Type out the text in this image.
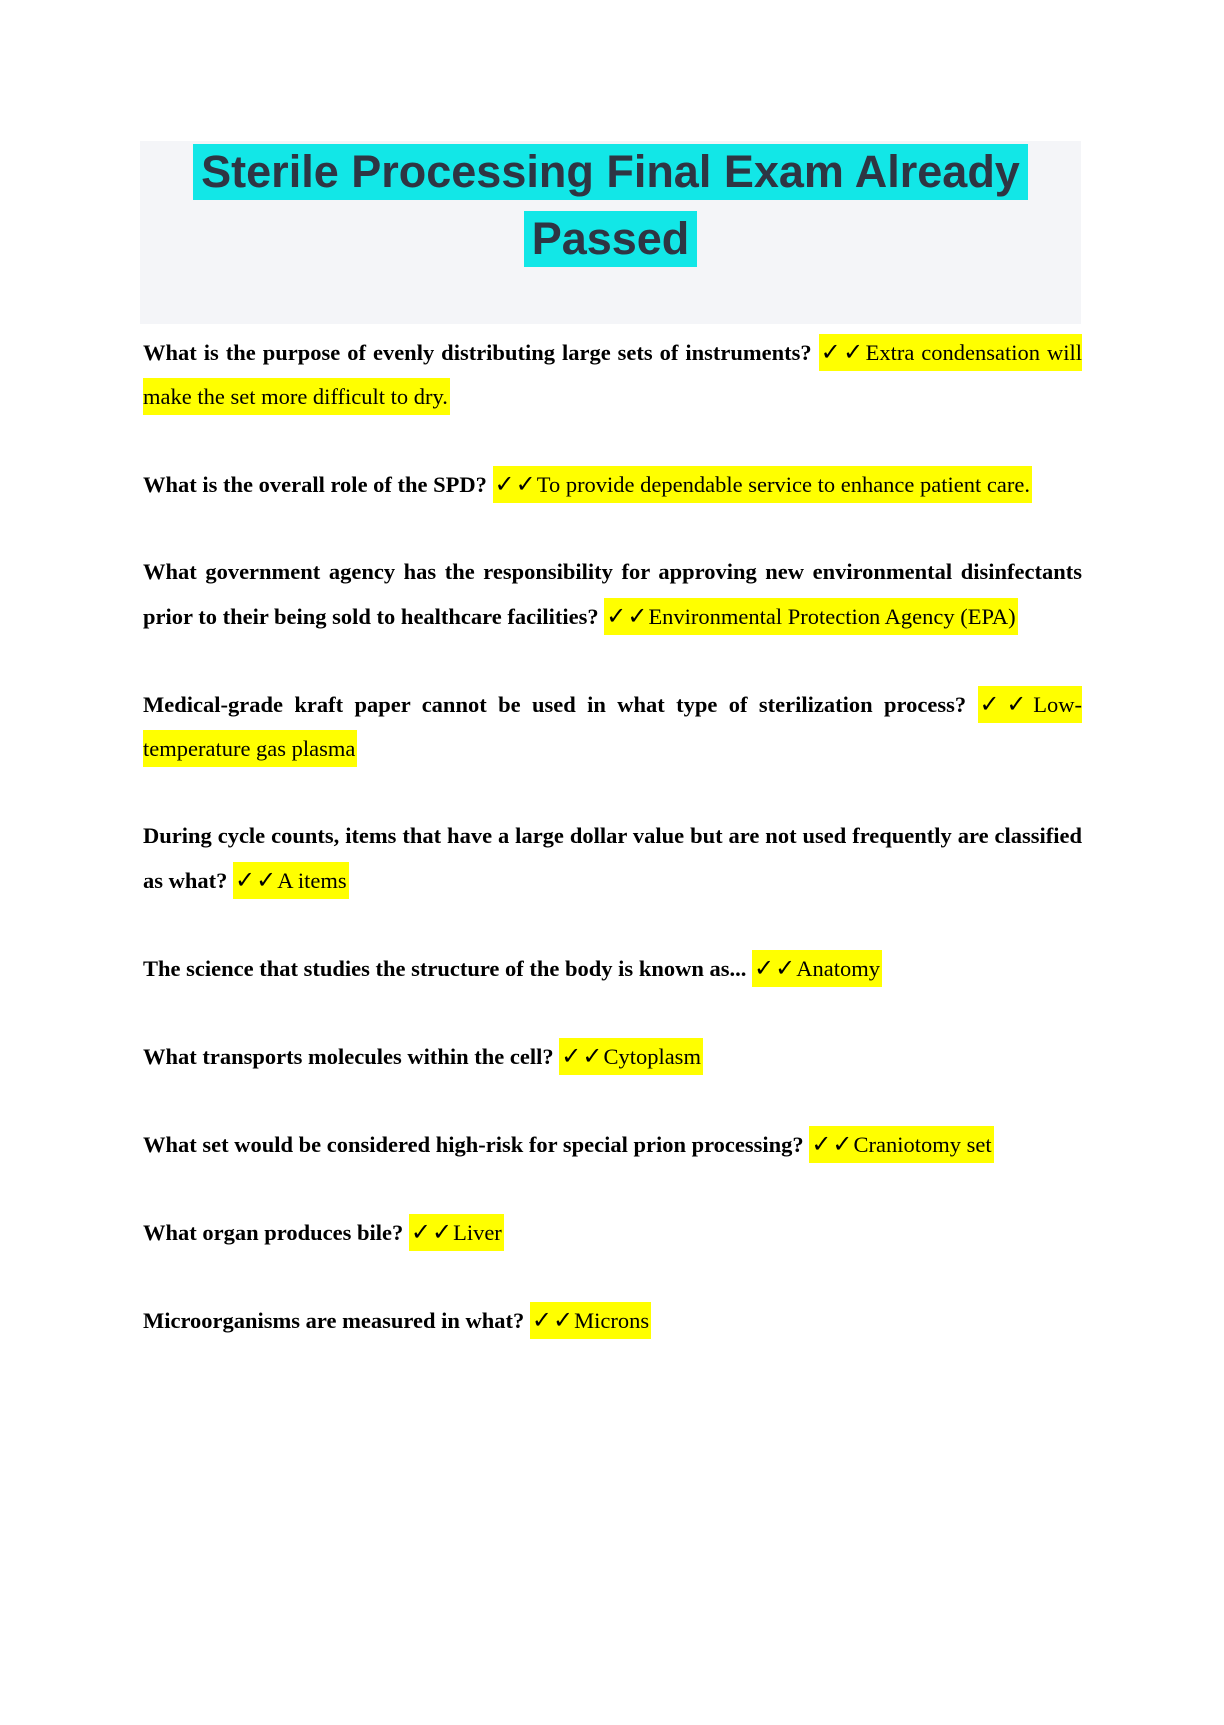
Sterile Processing Final Exam Already
Passed

What is the purpose of evenly distributing large sets of instruments? ✓✓Extra condensation will make the set more difficult to dry.

What is the overall role of the SPD? ✓✓To provide dependable service to enhance patient care.

What government agency has the responsibility for approving new environmental disinfectants prior to their being sold to healthcare facilities? ✓✓Environmental Protection Agency (EPA)

Medical-grade kraft paper cannot be used in what type of sterilization process? ✓✓Low-temperature gas plasma

During cycle counts, items that have a large dollar value but are not used frequently are classified as what? ✓✓A items

The science that studies the structure of the body is known as... ✓✓Anatomy

What transports molecules within the cell? ✓✓Cytoplasm

What set would be considered high-risk for special prion processing? ✓✓Craniotomy set

What organ produces bile? ✓✓Liver

Microorganisms are measured in what? ✓✓Microns
